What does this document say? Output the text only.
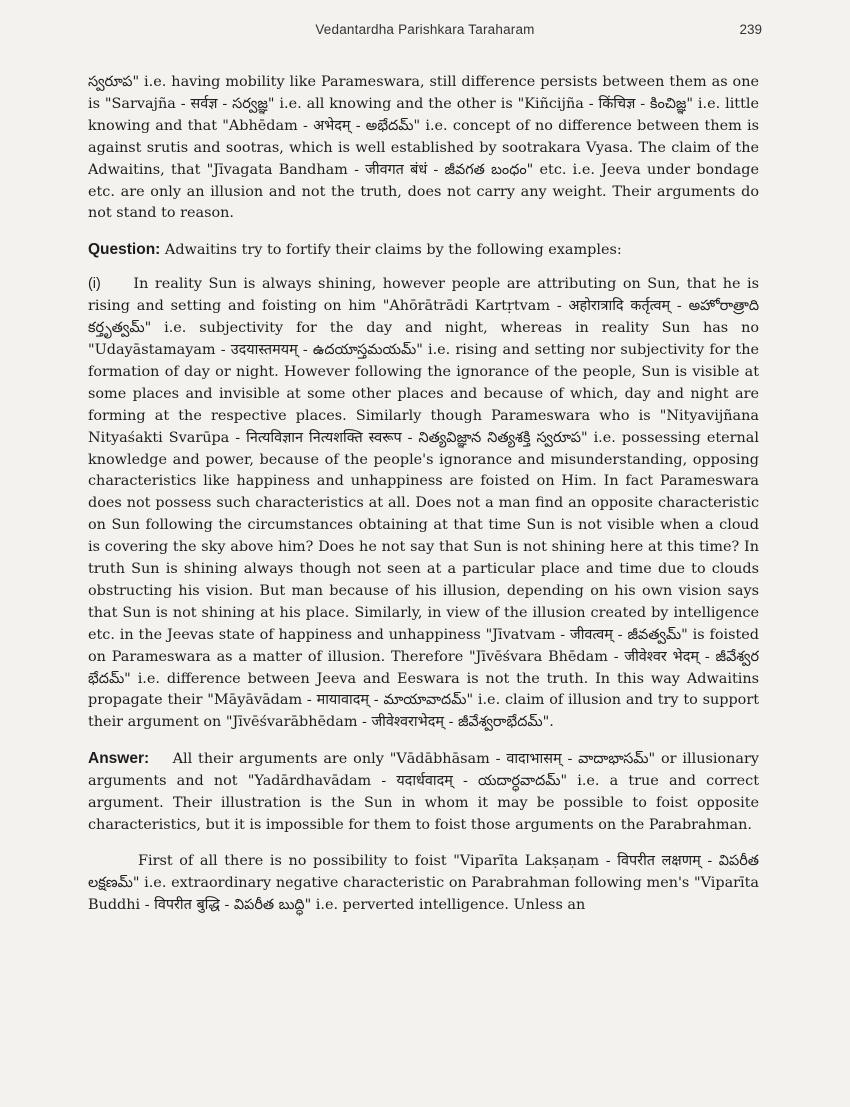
Vedantardha Parishkara Taraharam	239

స్వరూప" i.e. having mobility like Parameswara, still difference persists between them as one is "Sarvajña - सर्वज्ञ - సర్వజ్ఞ" i.e. all knowing and the other is "Kiñcijña - किंचिज्ञ - కించిజ్ఞ" i.e. little knowing and that "Abhēdam - अभेदम् - అభేదమ్" i.e. concept of no difference between them is against srutis and sootras, which is well established by sootrakara Vyasa. The claim of the Adwaitins, that "Jīvagata Bandham - जीवगत बंधं - జీవగత బంధం" etc. i.e. Jeeva under bondage etc. are only an illusion and not the truth, does not carry any weight. Their arguments do not stand to reason.

Question: Adwaitins try to fortify their claims by the following examples:

(i) In reality Sun is always shining, however people are attributing on Sun, that he is rising and setting and foisting on him "Ahōrātrādi Kartṛtvam - अहोरात्रादि कर्तृत्वम् - అహోరాత్రాది కర్తృత్వమ్" i.e. subjectivity for the day and night, whereas in reality Sun has no "Udayāstamayam - उदयास्तमयम् - ఉదయాస్తమయమ్" i.e. rising and setting nor subjectivity for the formation of day or night. However following the ignorance of the people, Sun is visible at some places and invisible at some other places and because of which, day and night are forming at the respective places. Similarly though Parameswara who is "Nityavijñana Nityaśakti Svarūpa - नित्यविज्ञान नित्यशक्ति स्वरूप - నిత్యవిజ్ఞాన నిత్యశక్తి స్వరూప" i.e. possessing eternal knowledge and power, because of the people's ignorance and misunderstanding, opposing characteristics like happiness and unhappiness are foisted on Him. In fact Parameswara does not possess such characteristics at all. Does not a man find an opposite characteristic on Sun following the circumstances obtaining at that time Sun is not visible when a cloud is covering the sky above him? Does he not say that Sun is not shining here at this time? In truth Sun is shining always though not seen at a particular place and time due to clouds obstructing his vision. But man because of his illusion, depending on his own vision says that Sun is not shining at his place. Similarly, in view of the illusion created by intelligence etc. in the Jeevas state of happiness and unhappiness "Jīvatvam - जीवत्वम् - జీవత్వమ్" is foisted on Parameswara as a matter of illusion. Therefore "Jīvēśvara Bhēdam - जीवेश्वर भेदम् - జీవేశ్వర భేదమ్" i.e. difference between Jeeva and Eeswara is not the truth. In this way Adwaitins propagate their "Māyāvādam - मायावादम् - మాయావాదమ్" i.e. claim of illusion and try to support their argument on "Jīvēśvarābhēdam - जीवेश्वराभेदम् - జీవేశ్వరాభేదమ్".

Answer: All their arguments are only "Vādābhāsam - वादाभासम् - వాదాభాసమ్" or illusionary arguments and not "Yadārdhavādam - यदार्धवादम् - యదార్ధవాదమ్" i.e. a true and correct argument. Their illustration is the Sun in whom it may be possible to foist opposite characteristics, but it is impossible for them to foist those arguments on the Parabrahman.

First of all there is no possibility to foist "Viparīta Lakṣaṇam - विपरीत लक्षणम् - విపరీత లక్షణమ్" i.e. extraordinary negative characteristic on Parabrahman following men's "Viparīta Buddhi - विपरीत बुद्धि - విపరీత బుద్ధి" i.e. perverted intelligence. Unless an
